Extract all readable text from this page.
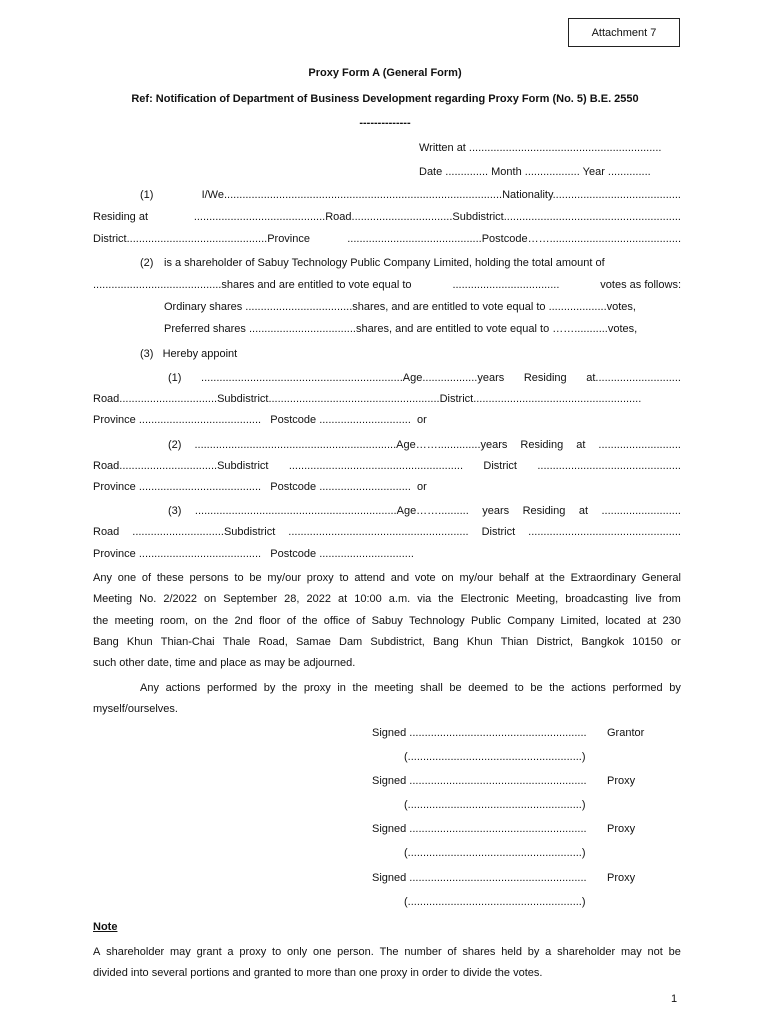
Attachment 7
Proxy Form A (General Form)
Ref: Notification of Department of Business Development regarding Proxy Form (No. 5) B.E. 2550
--------------
Written at ...............................................................
Date .............. Month .................. Year ..............
(1)	I/We...........................................................................................Nationality..........................................
Residing at	...........................................Road.................................Subdistrict..........................................................
District..............................................Province	............................................Postcode……...........................................
(2) is a shareholder of Sabuy Technology Public Company Limited, holding the total amount of
..........................................shares and are entitled to vote equal to	...................................	votes as follows:
Ordinary shares ...................................shares, and are entitled to vote equal to ...................votes,
Preferred shares ...................................shares, and are entitled to vote equal to ……...........votes,
(3)   Hereby appoint
(1) ..................................................................Age..................years Residing at............................
Road................................Subdistrict........................................................District.......................................................
Province ........................................   Postcode ..............................  or
(2) ..................................................................Age……..............years Residing at ...........................
Road................................Subdistrict ......................................................... District ...............................................
Province ........................................   Postcode ..............................  or
(3) ..................................................................Age…….......... years Residing at ..........................
Road ..............................Subdistrict ........................................................... District ..................................................
Province ........................................   Postcode ...............................
Any one of these persons to be my/our proxy to attend and vote on my/our behalf at the Extraordinary General
Meeting No. 2/2022 on September 28, 2022 at 10:00 a.m. via the Electronic Meeting, broadcasting live from
the meeting room, on the 2nd floor of the office of Sabuy Technology Public Company Limited, located at 230
Bang Khun Thian-Chai Thale Road, Samae Dam Subdistrict, Bang Khun Thian District, Bangkok 10150 or
such other date, time and place as may be adjourned.
Any actions performed by the proxy in the meeting shall be deemed to be the actions performed by
myself/ourselves.
Signed .......................................................... Grantor
(.........................................................)
Signed .......................................................... Proxy
(.........................................................)
Signed .......................................................... Proxy
(.........................................................)
Signed .......................................................... Proxy
(.........................................................)
Note
A shareholder may grant a proxy to only one person. The number of shares held by a shareholder may not be
divided into several portions and granted to more than one proxy in order to divide the votes.
1
